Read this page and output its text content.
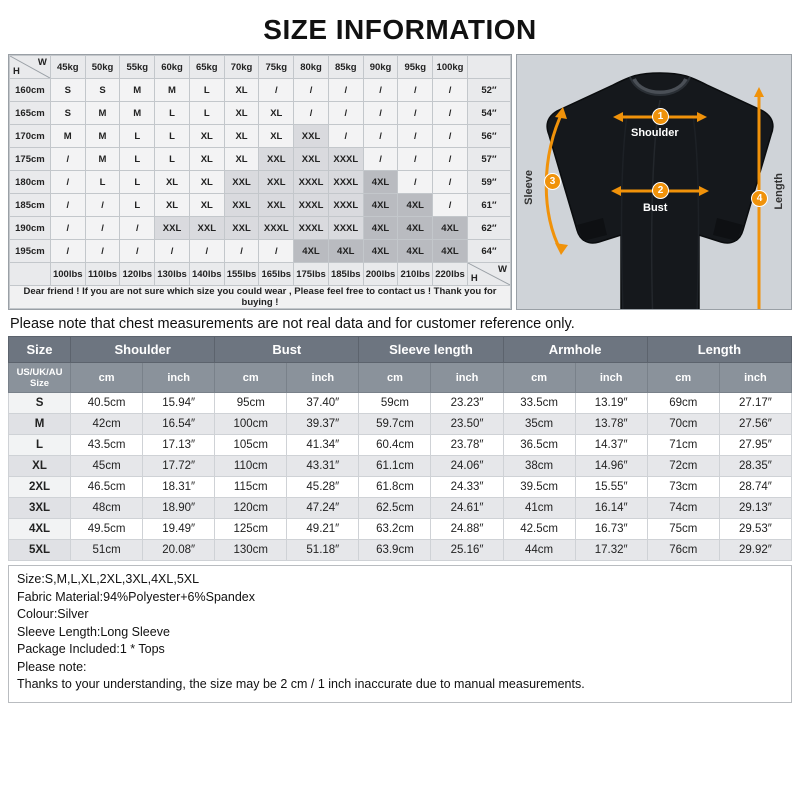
SIZE INFORMATION
H
W	45kg	50kg	55kg	60kg	65kg	70kg	75kg	80kg	85kg	90kg	95kg	100kg	
160cm	S	S	M	M	L	XL	/	/	/	/	/	/	52″
165cm	S	M	M	L	L	XL	XL	/	/	/	/	/	54″
170cm	M	M	L	L	XL	XL	XL	XXL	/	/	/	/	56″
175cm	/	M	L	L	XL	XL	XXL	XXL	XXXL	/	/	/	57″
180cm	/	L	L	XL	XL	XXL	XXL	XXXL	XXXL	4XL	/	/	59″
185cm	/	/	L	XL	XL	XXL	XXL	XXXL	XXXL	4XL	4XL	/	61″
190cm	/	/	/	XXL	XXL	XXL	XXXL	XXXL	XXXL	4XL	4XL	4XL	62″
195cm	/	/	/	/	/	/	/	4XL	4XL	4XL	4XL	4XL	64″
	100lbs	110lbs	120lbs	130lbs	140lbs	155lbs	165lbs	175lbs	185lbs	200lbs	210lbs	220lbs	H
W

Dear friend ! If you are not sure which size you could wear , Please feel free to contact us ! Thank you for buying !													
1
Shoulder
2
Bust
3
Sleeve	4 Length
Please note that chest measurements are not real data and for customer reference only.
Size	Shoulder		Bust		Sleeve length		Armhole		Length	
US/UK/AU
Size	cm	inch	cm	inch	cm	inch	cm	inch	cm	inch
S	40.5cm	15.94″	95cm	37.40″	59cm	23.23″	33.5cm	13.19″	69cm	27.17″
M	42cm	16.54″	100cm	39.37″	59.7cm	23.50″	35cm	13.78″	70cm	27.56″
L	43.5cm	17.13″	105cm	41.34″	60.4cm	23.78″	36.5cm	14.37″	71cm	27.95″
XL	45cm	17.72″	110cm	43.31″	61.1cm	24.06″	38cm	14.96″	72cm	28.35″
2XL	46.5cm	18.31″	115cm	45.28″	61.8cm	24.33″	39.5cm	15.55″	73cm	28.74″
3XL	48cm	18.90″	120cm	47.24″	62.5cm	24.61″	41cm	16.14″	74cm	29.13″
4XL	49.5cm	19.49″	125cm	49.21″	63.2cm	24.88″	42.5cm	16.73″	75cm	29.53″
5XL	51cm	20.08″	130cm	51.18″	63.9cm	25.16″	44cm	17.32″	76cm	29.92″
Size:S,M,L,XL,2XL,3XL,4XL,5XL
Fabric Material:94%Polyester+6%Spandex
Colour:Silver
Sleeve Length:Long Sleeve
Package Included:1 * Tops
Please note:
Thanks to your understanding, the size may be 2 cm / 1 inch inaccurate due to manual measurements.
